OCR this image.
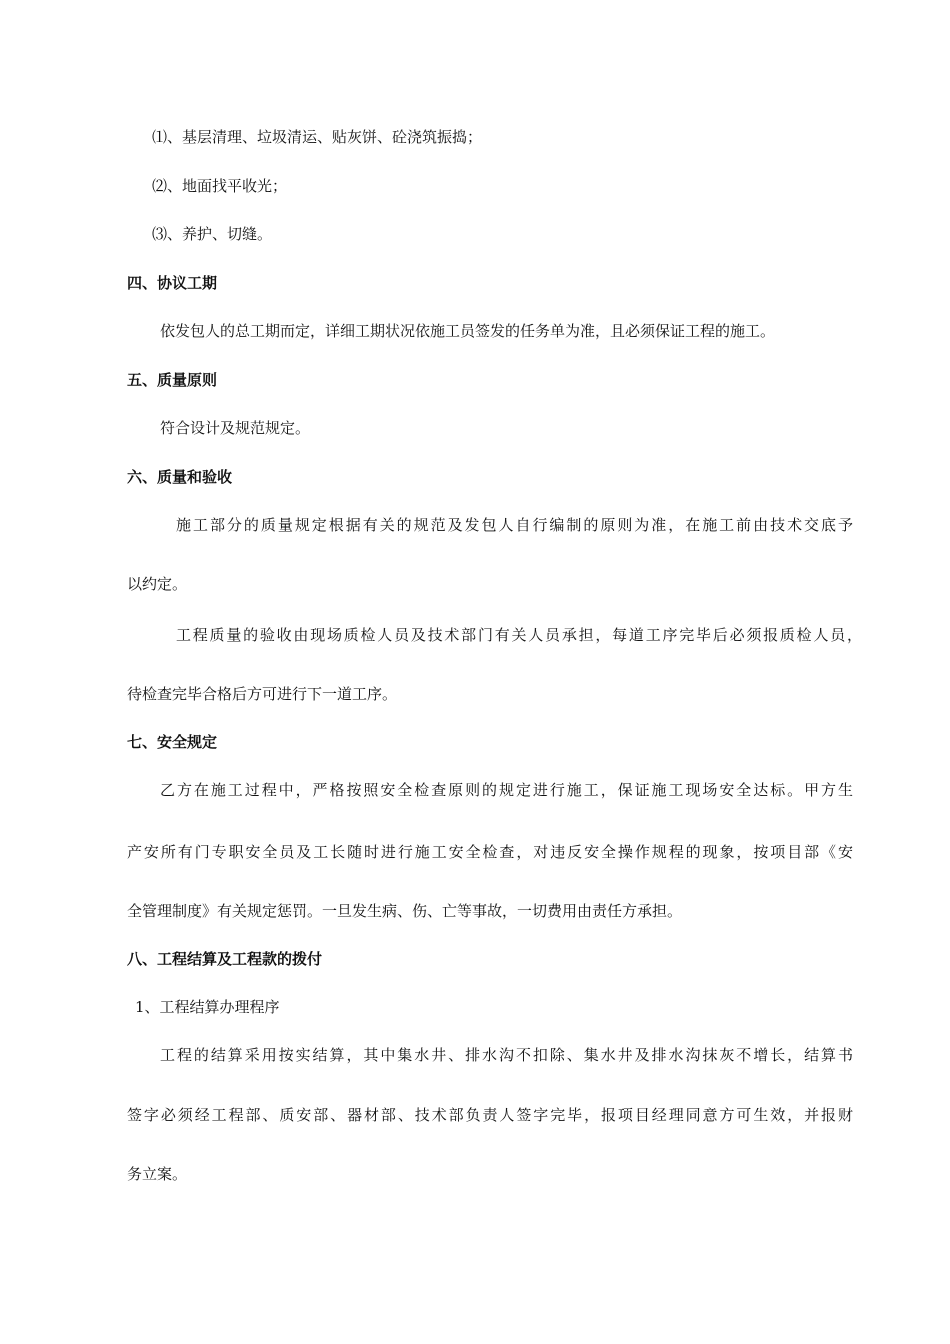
⑴、基层清理、垃圾清运、贴灰饼、砼浇筑振捣；

⑵、地面找平收光；

⑶、养护、切缝。

四、协议工期

依发包人的总工期而定，详细工期状况依施工员签发的任务单为准，且必须保证工程的施工。

五、质量原则

符合设计及规范规定。

六、质量和验收

施工部分的质量规定根据有关的规范及发包人自行编制的原则为准，在施工前由技术交底予

以约定。

工程质量的验收由现场质检人员及技术部门有关人员承担，每道工序完毕后必须报质检人员，

待检查完毕合格后方可进行下一道工序。

七、安全规定

乙方在施工过程中，严格按照安全检查原则的规定进行施工，保证施工现场安全达标。甲方生

产安所有门专职安全员及工长随时进行施工安全检查，对违反安全操作规程的现象，按项目部《安

全管理制度》有关规定惩罚。一旦发生病、伤、亡等事故，一切费用由责任方承担。

八、工程结算及工程款的拨付

1、工程结算办理程序

工程的结算采用按实结算，其中集水井、排水沟不扣除、集水井及排水沟抹灰不增长，结算书

签字必须经工程部、质安部、器材部、技术部负责人签字完毕，报项目经理同意方可生效，并报财

务立案。
